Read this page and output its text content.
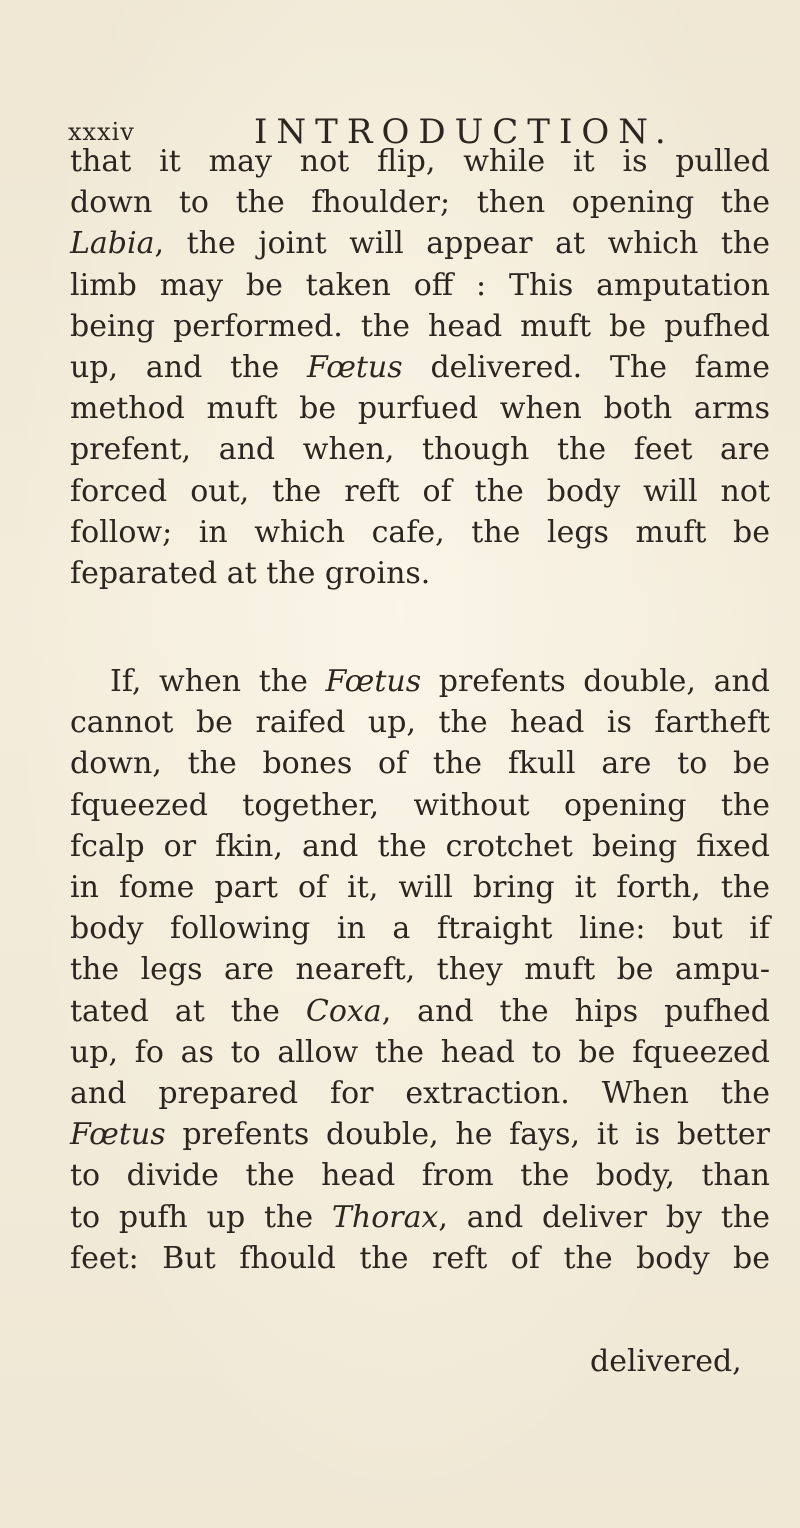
xxxiv	INTRODUCTION.
that it may not flip, while it is pulled
down to the fhoulder; then opening the
Labia, the joint will appear at which the
limb may be taken off : This amputation
being performed. the head muft be pufhed
up, and the Fœtus delivered. The fame
method muft be purfued when both arms
prefent, and when, though the feet are
forced out, the reft of the body will not
follow; in which cafe, the legs muft be
feparated at the groins.
If, when the Fœtus prefents double, and
cannot be raifed up, the head is fartheft
down, the bones of the fkull are to be
fqueezed together, without opening the
fcalp or fkin, and the crotchet being fixed
in fome part of it, will bring it forth, the
body following in a ftraight line: but if
the legs are neareft, they muft be ampu-
tated at the Coxa, and the hips pufhed
up, fo as to allow the head to be fqueezed
and prepared for extraction. When the
Fœtus prefents double, he fays, it is better
to divide the head from the body, than
to pufh up the Thorax, and deliver by the
feet: But fhould the reft of the body be
delivered,
